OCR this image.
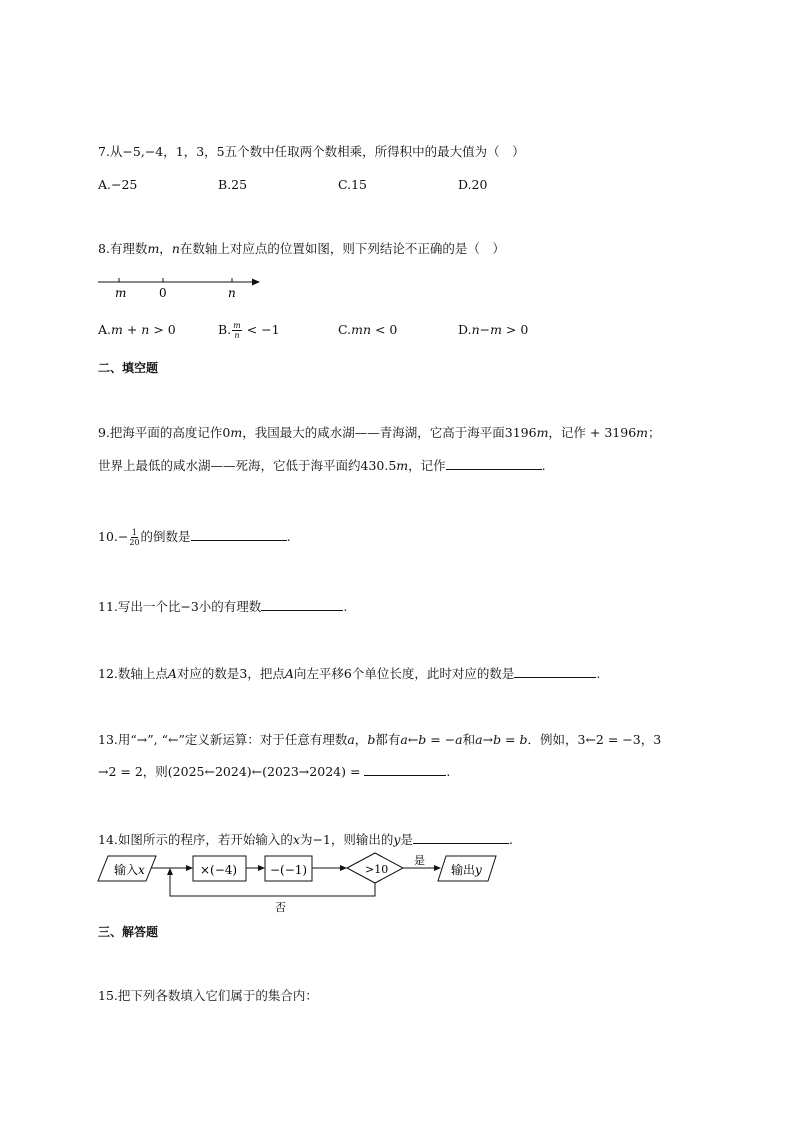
7.从−5,−4，1，3，5五个数中任取两个数相乘，所得积中的最大值为（　）
A.−25	B.25	C.15	D.20
8.有理数m，n在数轴上对应点的位置如图，则下列结论不正确的是（　）
m	0	n
A.m + n > 0	B. $\frac{m}{n} < -1$	C.mn < 0	D.n−m > 0
二、填空题
9.把海平面的高度记作0m，我国最大的咸水湖——青海湖，它高于海平面3196m，记作 + 3196m；
世界上最低的咸水湖——死海，它低于海平面约430.5m，记作	.
$10.- \frac{1}{20}$ 的倒数是	.
11.写出一个比−3小的有理数	.
12.数轴上点A对应的数是3，把点A向左平移6个单位长度，此时对应的数是	.
13.用“→”, “←”定义新运算：对于任意有理数a，b都有a←b = −a和a→b = b．例如，3←2 = −3，3
→2 = 2，则(2025←2024)←(2023→2024) =	.
14.如图所示的程序，若开始输入的x为−1，则输出的y是	.
输入x	×(−4)	−(−1)	>10
是
输出y
否
三、解答题
15.把下列各数填入它们属于的集合内：
